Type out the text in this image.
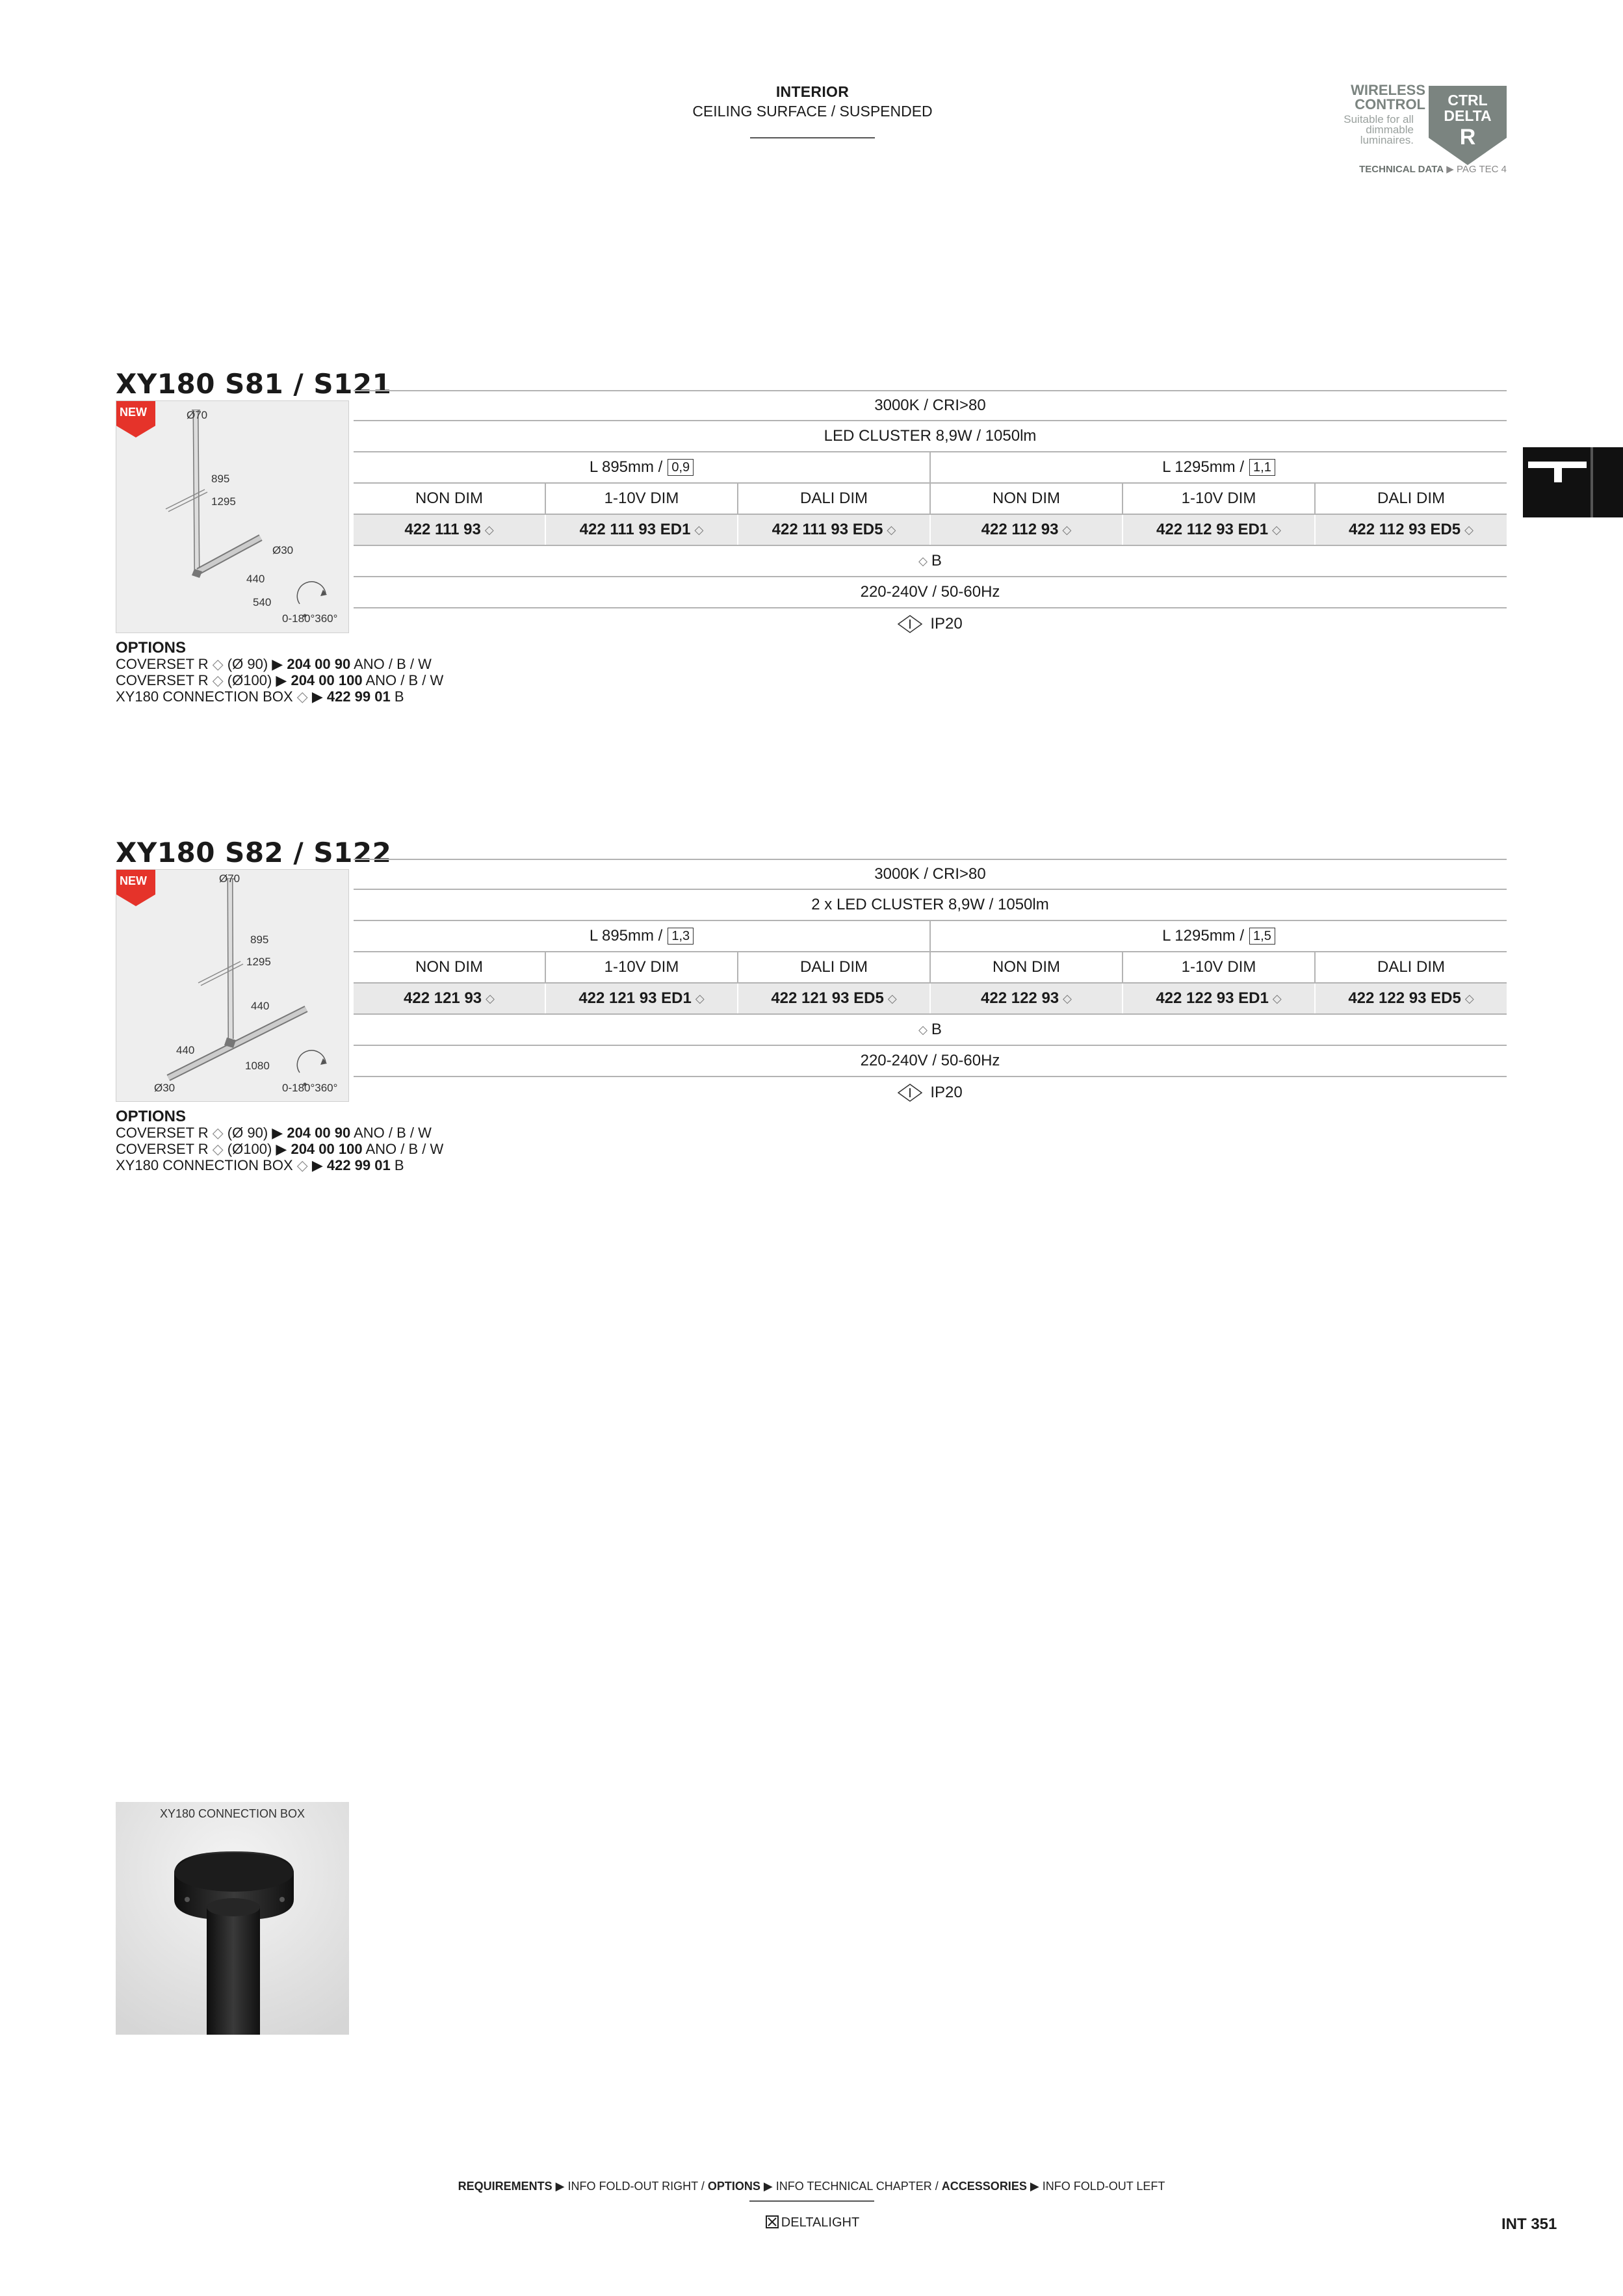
INTERIOR
CEILING SURFACE / SUSPENDED
WIRELESS
CONTROL
Suitable for all dimmable luminaires.
CTRL
DELTA
R
TECHNICAL DATA ▶ PAG TEC 4
XY180 S81 / S121
NEW	Ø70
895
1295
Ø30
440
540
0-180°360°
3000K / CRI>80
LED CLUSTER 8,9W / 1050lm
L 895mm / 0,9	L 1295mm / 1,1
NON DIM	1-10V DIM	DALI DIM	NON DIM	1-10V DIM	DALI DIM
422 111 93 ◇	422 111 93 ED1 ◇	422 111 93 ED5 ◇	422 112 93 ◇	422 112 93 ED1 ◇	422 112 93 ED5 ◇
◇ B
220-240V / 50-60Hz
IP20
OPTIONS
COVERSET R ◇ (Ø 90) ▶ 204 00 90 ANO / B / W
COVERSET R ◇ (Ø100) ▶ 204 00 100 ANO / B / W
XY180 CONNECTION BOX ◇ ▶ 422 99 01 B
XY180 S82 / S122
NEW	Ø70
895
1295
440
440
1080
Ø30	0-180°360°
3000K / CRI>80
2 x LED CLUSTER 8,9W / 1050lm
L 895mm / 1,3	L 1295mm / 1,5
NON DIM	1-10V DIM	DALI DIM	NON DIM	1-10V DIM	DALI DIM
422 121 93 ◇	422 121 93 ED1 ◇	422 121 93 ED5 ◇	422 122 93 ◇	422 122 93 ED1 ◇	422 122 93 ED5 ◇
◇ B
220-240V / 50-60Hz
IP20
OPTIONS
COVERSET R ◇ (Ø 90) ▶ 204 00 90 ANO / B / W
COVERSET R ◇ (Ø100) ▶ 204 00 100 ANO / B / W
XY180 CONNECTION BOX ◇ ▶ 422 99 01 B
XY180 CONNECTION BOX
REQUIREMENTS ▶ INFO FOLD-OUT RIGHT / OPTIONS ▶ INFO TECHNICAL CHAPTER / ACCESSORIES ▶ INFO FOLD-OUT LEFT
DELTALIGHT	INT 351
